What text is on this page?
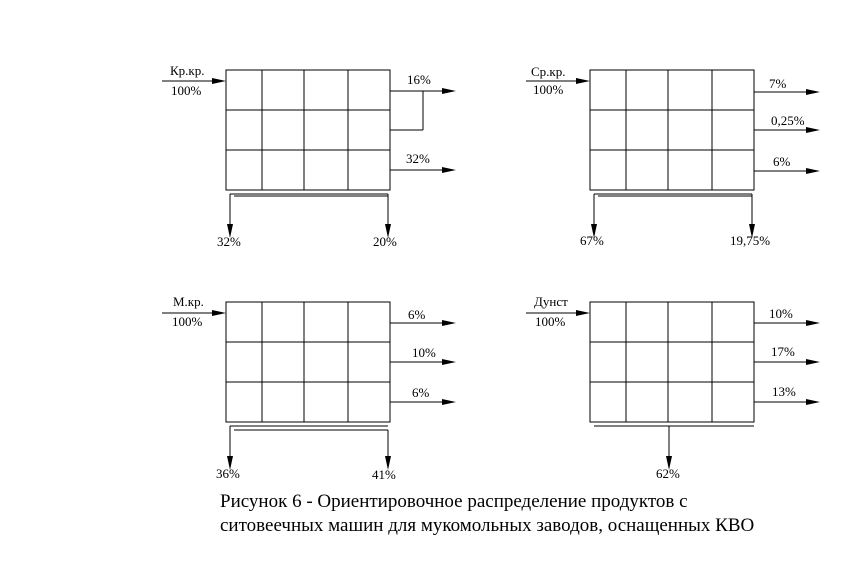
Кр.кр.
100%
16%
32%
32%	20%
Ср.кр.
100%	7%
0,25%
6%
67%	19,75%
М.кр.
100%	6%
10%
6%
36%	41%
Дунст
100%
10%
17%
13%
62%

Рисунок 6 - Ориентировочное распределение продуктов с
ситовеечных машин для мукомольных заводов, оснащенных КВО
